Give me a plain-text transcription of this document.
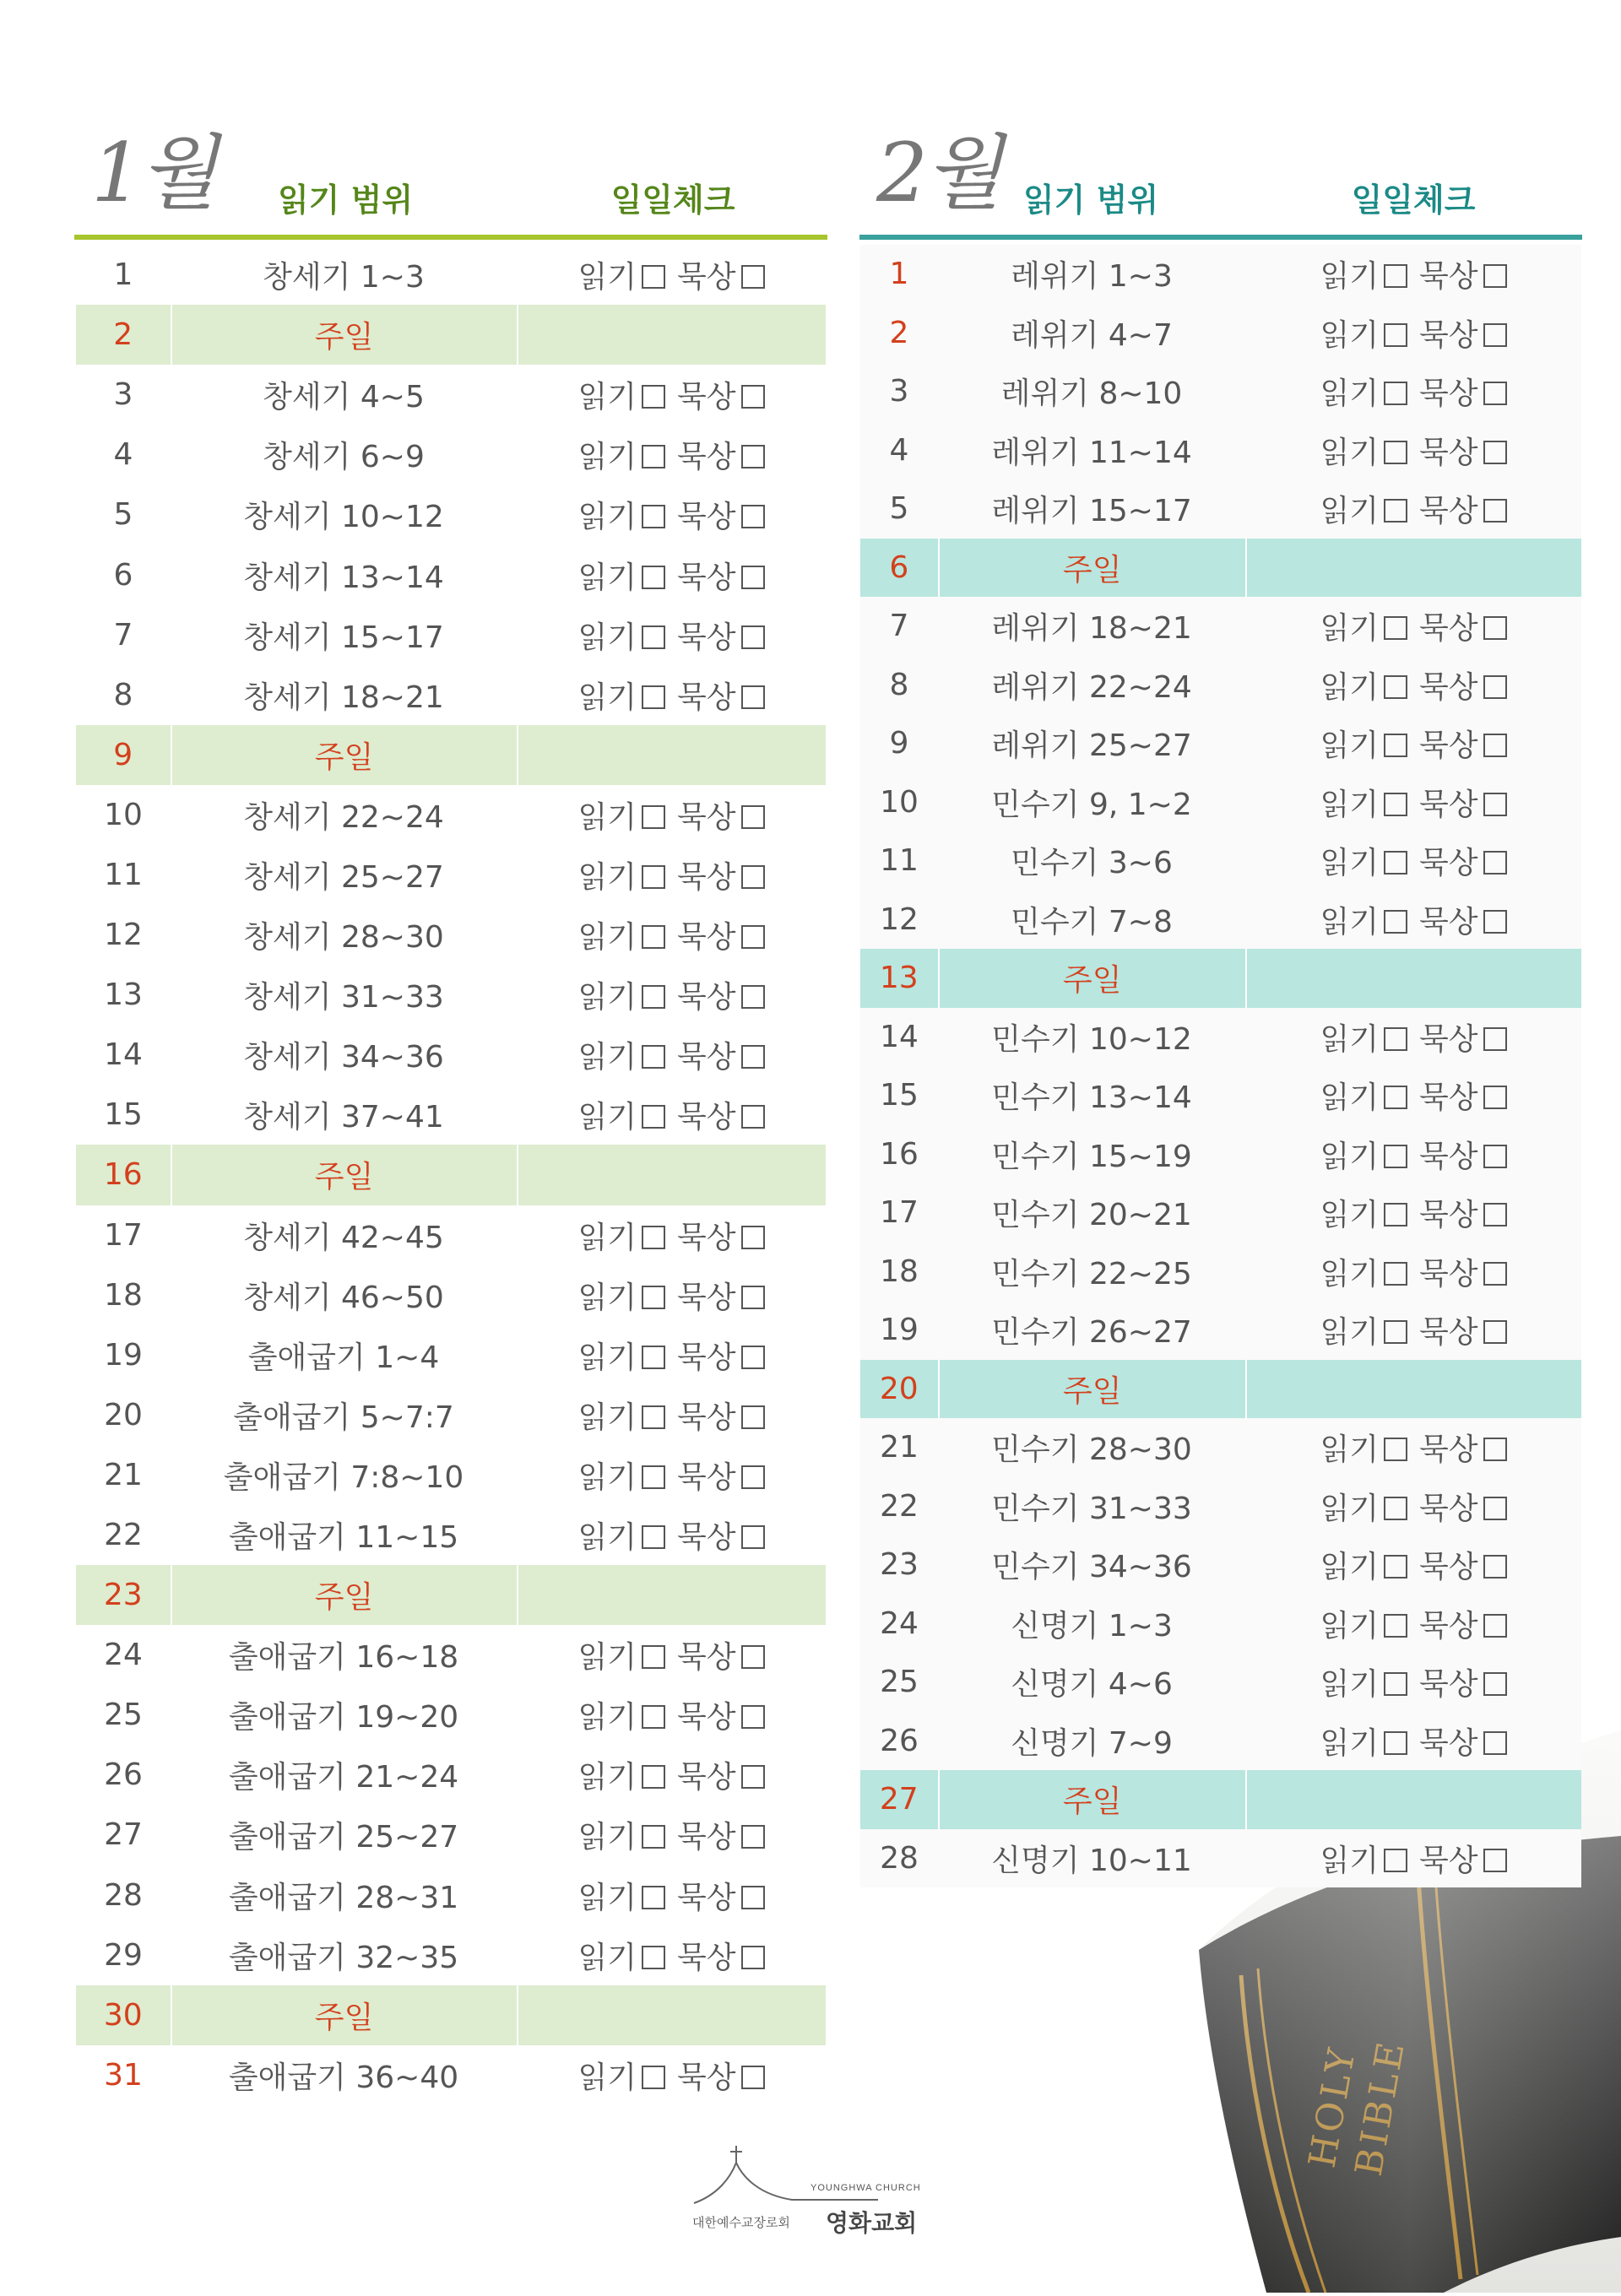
1월	읽기 범위	일일체크
1	창세기 1~3	읽기 묵상
2	주일
3	창세기 4~5	읽기 묵상
4	창세기 6~9	읽기 묵상
5	창세기 10~12	읽기 묵상
6	창세기 13~14	읽기 묵상
7	창세기 15~17	읽기 묵상
8	창세기 18~21	읽기 묵상
9	주일
10	창세기 22~24	읽기 묵상
11	창세기 25~27	읽기 묵상
12	창세기 28~30	읽기 묵상
13	창세기 31~33	읽기 묵상
14	창세기 34~36	읽기 묵상
15	창세기 37~41	읽기 묵상
16	주일
17	창세기 42~45	읽기 묵상
18	창세기 46~50	읽기 묵상
19	출애굽기 1~4	읽기 묵상
20	출애굽기 5~7:7	읽기 묵상
21	출애굽기 7:8~10	읽기 묵상
22	출애굽기 11~15	읽기 묵상
23	주일
24	출애굽기 16~18	읽기 묵상
25	출애굽기 19~20	읽기 묵상
26	출애굽기 21~24	읽기 묵상
27	출애굽기 25~27	읽기 묵상
28	출애굽기 28~31	읽기 묵상
29	출애굽기 32~35	읽기 묵상
30	주일
31	출애굽기 36~40	읽기 묵상
2월 읽기 범위	일일체크
1	레위기 1~3	읽기 묵상
2	레위기 4~7	읽기 묵상
3	레위기 8~10	읽기 묵상
4	레위기 11~14	읽기 묵상
5	레위기 15~17	읽기 묵상
6	주일
7	레위기 18~21	읽기 묵상
8	레위기 22~24	읽기 묵상
9	레위기 25~27	읽기 묵상
10	민수기 9, 1~2	읽기 묵상
11	민수기 3~6	읽기 묵상
12	민수기 7~8	읽기 묵상
13	주일
14	민수기 10~12	읽기 묵상
15	민수기 13~14	읽기 묵상
16	민수기 15~19	읽기 묵상
17	민수기 20~21	읽기 묵상
18	민수기 22~25	읽기 묵상
19	민수기 26~27	읽기 묵상
20	주일
21	민수기 28~30	읽기 묵상
22	민수기 31~33	읽기 묵상
23	민수기 34~36	읽기 묵상
24	신명기 1~3	읽기 묵상
25	신명기 4~6	읽기 묵상
26	신명기 7~9	읽기 묵상
27	주일
28	신명기 10~11	읽기 묵상
YOUNGHWA CHURCH
대한예수교장로회 영화교회
